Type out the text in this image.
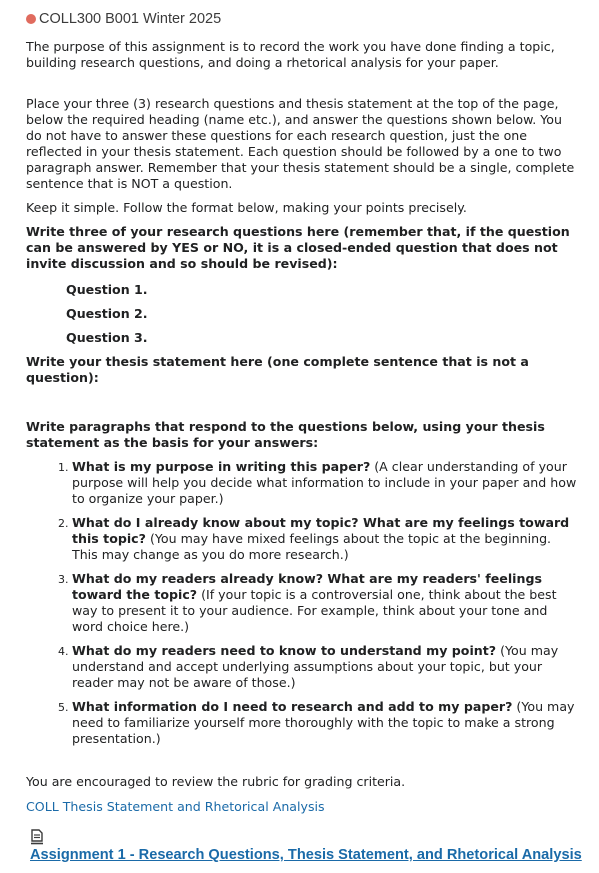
COLL300 B001 Winter 2025

The purpose of this assignment is to record the work you have done finding a topic, building research questions, and doing a rhetorical analysis for your paper.

Place your three (3) research questions and thesis statement at the top of the page, below the required heading (name etc.), and answer the questions shown below. You do not have to answer these questions for each research question, just the one reflected in your thesis statement. Each question should be followed by a one to two paragraph answer. Remember that your thesis statement should be a single, complete sentence that is NOT a question.

Keep it simple. Follow the format below, making your points precisely.

Write three of your research questions here (remember that, if the question can be answered by YES or NO, it is a closed-ended question that does not invite discussion and so should be revised):

Question 1.
Question 2.
Question 3.

Write your thesis statement here (one complete sentence that is not a question):

Write paragraphs that respond to the questions below, using your thesis statement as the basis for your answers:

1. What is my purpose in writing this paper? (A clear understanding of your purpose will help you decide what information to include in your paper and how to organize your paper.)
2. What do I already know about my topic? What are my feelings toward this topic? (You may have mixed feelings about the topic at the beginning. This may change as you do more research.)
3. What do my readers already know? What are my readers' feelings toward the topic? (If your topic is a controversial one, think about the best way to present it to your audience. For example, think about your tone and word choice here.)
4. What do my readers need to know to understand my point? (You may understand and accept underlying assumptions about your topic, but your reader may not be aware of those.)
5. What information do I need to research and add to my paper? (You may need to familiarize yourself more thoroughly with the topic to make a strong presentation.)

You are encouraged to review the rubric for grading criteria.

COLL Thesis Statement and Rhetorical Analysis
Assignment 1 - Research Questions, Thesis Statement, and Rhetorical Analysis
